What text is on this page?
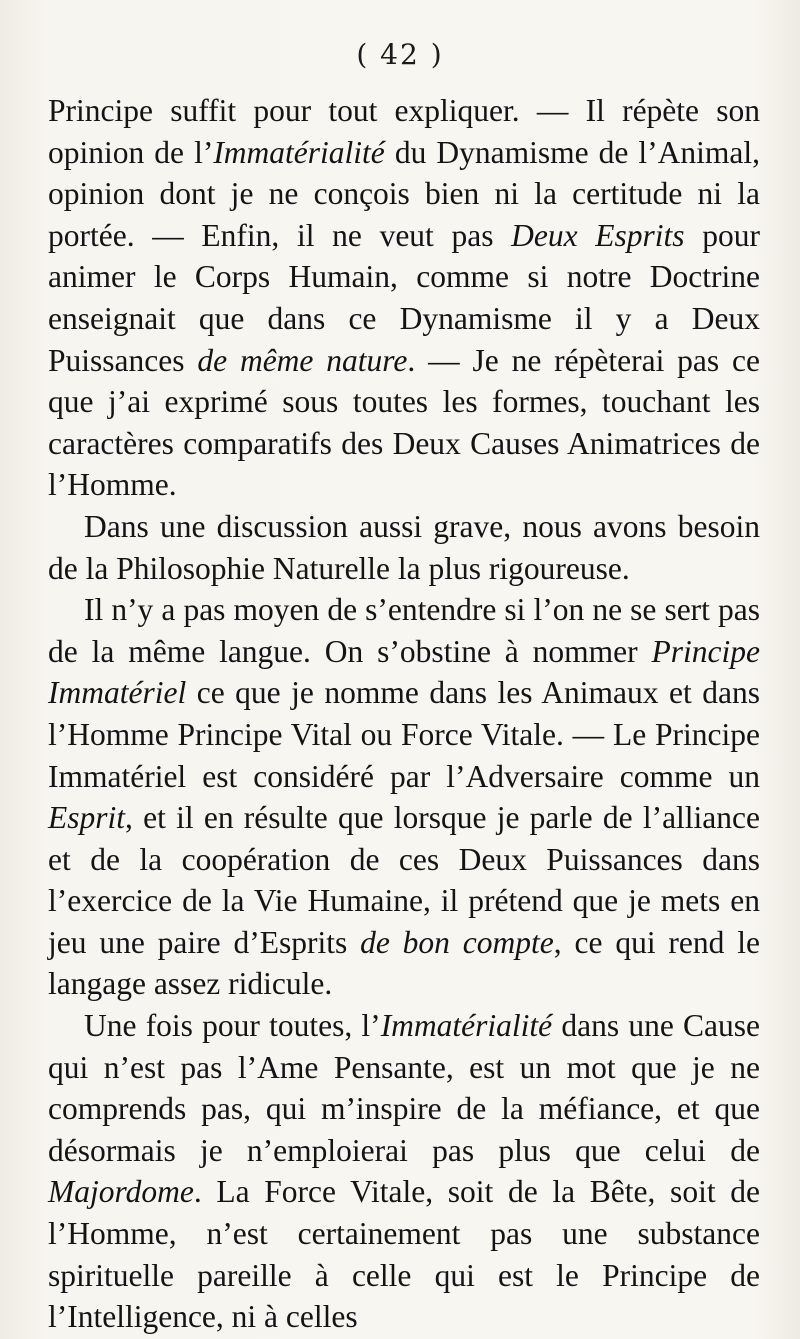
( 42 )

Principe suffit pour tout expliquer. — Il répète son opinion de l’Immatérialité du Dynamisme de l’Animal, opinion dont je ne conçois bien ni la certitude ni la portée. — Enfin, il ne veut pas Deux Esprits pour animer le Corps Humain, comme si notre Doctrine enseignait que dans ce Dynamisme il y a Deux Puissances de même nature. — Je ne répèterai pas ce que j’ai exprimé sous toutes les formes, touchant les caractères comparatifs des Deux Causes Animatrices de l’Homme.

Dans une discussion aussi grave, nous avons besoin de la Philosophie Naturelle la plus rigoureuse.

Il n’y a pas moyen de s’entendre si l’on ne se sert pas de la même langue. On s’obstine à nommer Principe Immatériel ce que je nomme dans les Animaux et dans l’Homme Principe Vital ou Force Vitale. — Le Principe Immatériel est considéré par l’Adversaire comme un Esprit, et il en résulte que lorsque je parle de l’alliance et de la coopération de ces Deux Puissances dans l’exercice de la Vie Humaine, il prétend que je mets en jeu une paire d’Esprits de bon compte, ce qui rend le langage assez ridicule.

Une fois pour toutes, l’Immatérialité dans une Cause qui n’est pas l’Ame Pensante, est un mot que je ne comprends pas, qui m’inspire de la méfiance, et que désormais je n’emploierai pas plus que celui de Majordome. La Force Vitale, soit de la Bête, soit de l’Homme, n’est certainement pas une substance spirituelle pareille à celle qui est le Principe de l’Intelligence, ni à celles
